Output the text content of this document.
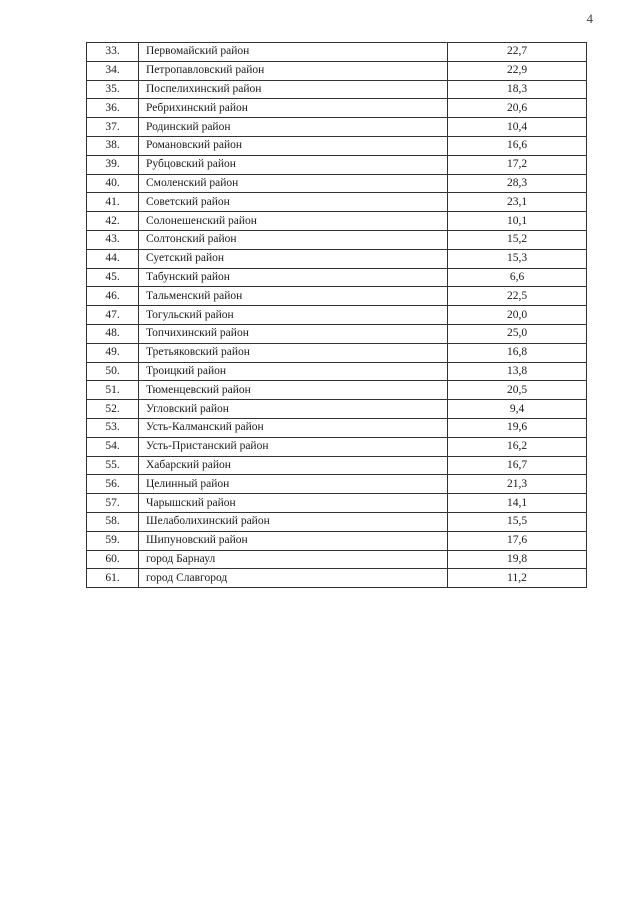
4
33.	Первомайский район	22,7
34.	Петропавловский район	22,9
35.	Поспелихинский район	18,3
36.	Ребрихинский район	20,6
37.	Родинский район	10,4
38.	Романовский район	16,6
39.	Рубцовский район	17,2
40.	Смоленский район	28,3
41.	Советский район	23,1
42.	Солонешенский район	10,1
43.	Солтонский район	15,2
44.	Суетский район	15,3
45.	Табунский район	6,6
46.	Тальменский район	22,5
47.	Тогульский район	20,0
48.	Топчихинский район	25,0
49.	Третьяковский район	16,8
50.	Троицкий район	13,8
51.	Тюменцевский район	20,5
52.	Угловский район	9,4
53.	Усть-Калманский район	19,6
54.	Усть-Пристанский район	16,2
55.	Хабарский район	16,7
56.	Целинный район	21,3
57.	Чарышский район	14,1
58.	Шелаболихинский район	15,5
59.	Шипуновский район	17,6
60.	город Барнаул	19,8
61.	город Славгород	11,2
